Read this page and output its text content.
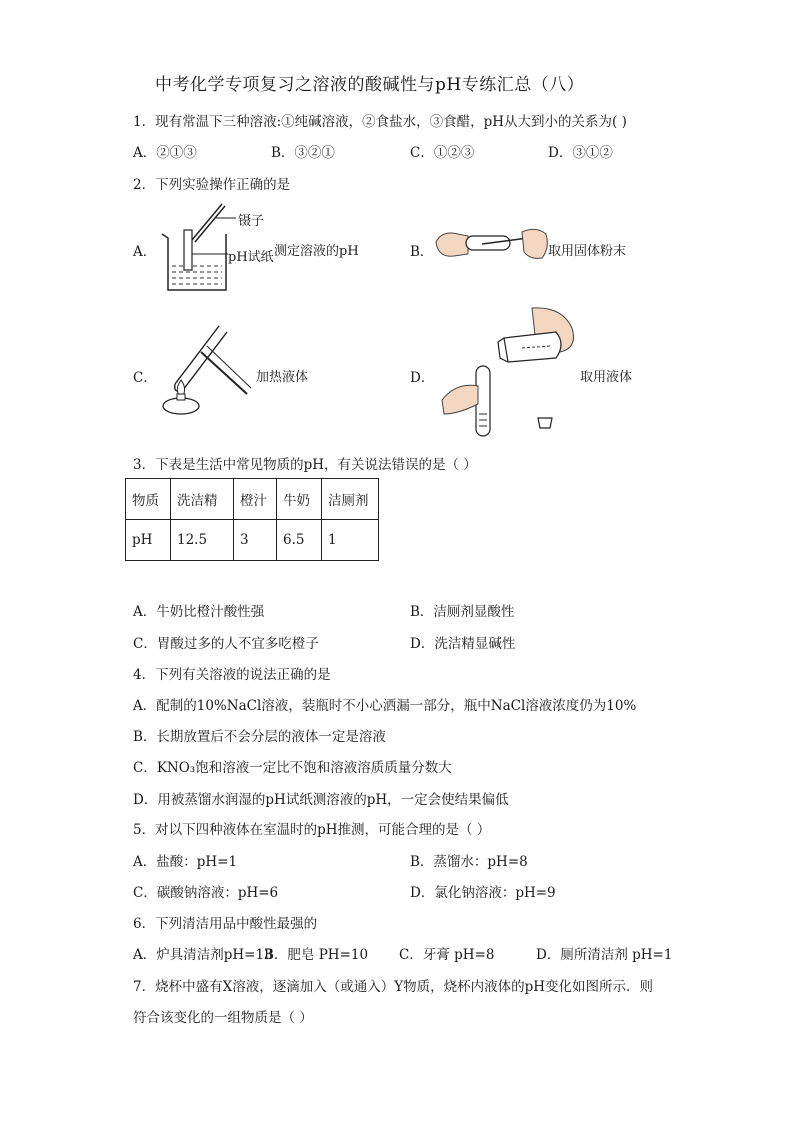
中考化学专项复习之溶液的酸碱性与pH专练汇总（八）
1．现有常温下三种溶液:①纯碱溶液，②食盐水，③食醋，pH从大到小的关系为( )
A．②①③	B．③②①	C．①②③	D．③①②
2．下列实验操作正确的是
A．
镊子
pH试纸 测定溶液的pH	B．	取用固体粉末
C．	加热液体	D．	取用液体
3．下表是生活中常见物质的pH，有关说法错误的是（ ）
物质	洗洁精	橙汁	牛奶	洁厕剂
pH	12.5	3	6.5	1
A．牛奶比橙汁酸性强	B．洁厕剂显酸性
C．胃酸过多的人不宜多吃橙子	D．洗洁精显碱性
4．下列有关溶液的说法正确的是
A．配制的10%NaCl溶液，装瓶时不小心洒漏一部分，瓶中NaCl溶液浓度仍为10%
B．长期放置后不会分层的液体一定是溶液
C．KNO₃饱和溶液一定比不饱和溶液溶质质量分数大
D．用被蒸馏水润湿的pH试纸测溶液的pH，一定会使结果偏低
5．对以下四种液体在室温时的pH推测，可能合理的是（ ）
A．盐酸：pH=1	B．蒸馏水：pH=8
C．碳酸钠溶液：pH=6	D．氯化钠溶液：pH=9
6．下列清洁用品中酸性最强的
A．炉具清洁剂pH=13
B．肥皂 PH=10 C．牙膏 pH=8	D．厕所清洁剂 pH=1
7．烧杯中盛有X溶液，逐滴加入（或通入）Y物质，烧杯内液体的pH变化如图所示．则
符合该变化的一组物质是（ ）
